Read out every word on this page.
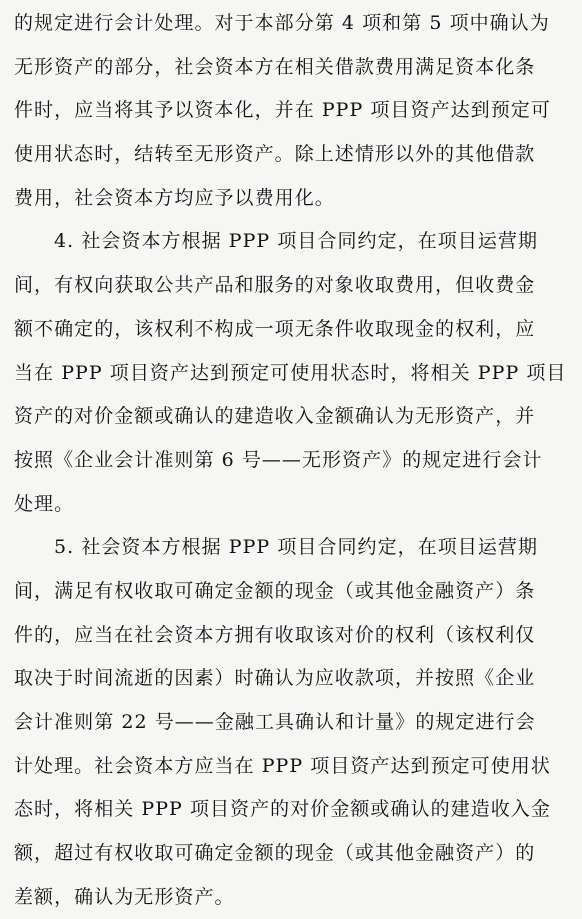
的规定进行会计处理。对于本部分第 4 项和第 5 项中确认为
无形资产的部分，社会资本方在相关借款费用满足资本化条
件时，应当将其予以资本化，并在 PPP 项目资产达到预定可
使用状态时，结转至无形资产。除上述情形以外的其他借款
费用，社会资本方均应予以费用化。
4. 社会资本方根据 PPP 项目合同约定，在项目运营期
间，有权向获取公共产品和服务的对象收取费用，但收费金
额不确定的，该权利不构成一项无条件收取现金的权利，应
当在 PPP 项目资产达到预定可使用状态时，将相关 PPP 项目
资产的对价金额或确认的建造收入金额确认为无形资产，并
按照《企业会计准则第 6 号——无形资产》的规定进行会计
处理。
5. 社会资本方根据 PPP 项目合同约定，在项目运营期
间，满足有权收取可确定金额的现金（或其他金融资产）条
件的，应当在社会资本方拥有收取该对价的权利（该权利仅
取决于时间流逝的因素）时确认为应收款项，并按照《企业
会计准则第 22 号——金融工具确认和计量》的规定进行会
计处理。社会资本方应当在 PPP 项目资产达到预定可使用状
态时，将相关 PPP 项目资产的对价金额或确认的建造收入金
额，超过有权收取可确定金额的现金（或其他金融资产）的
差额，确认为无形资产。
